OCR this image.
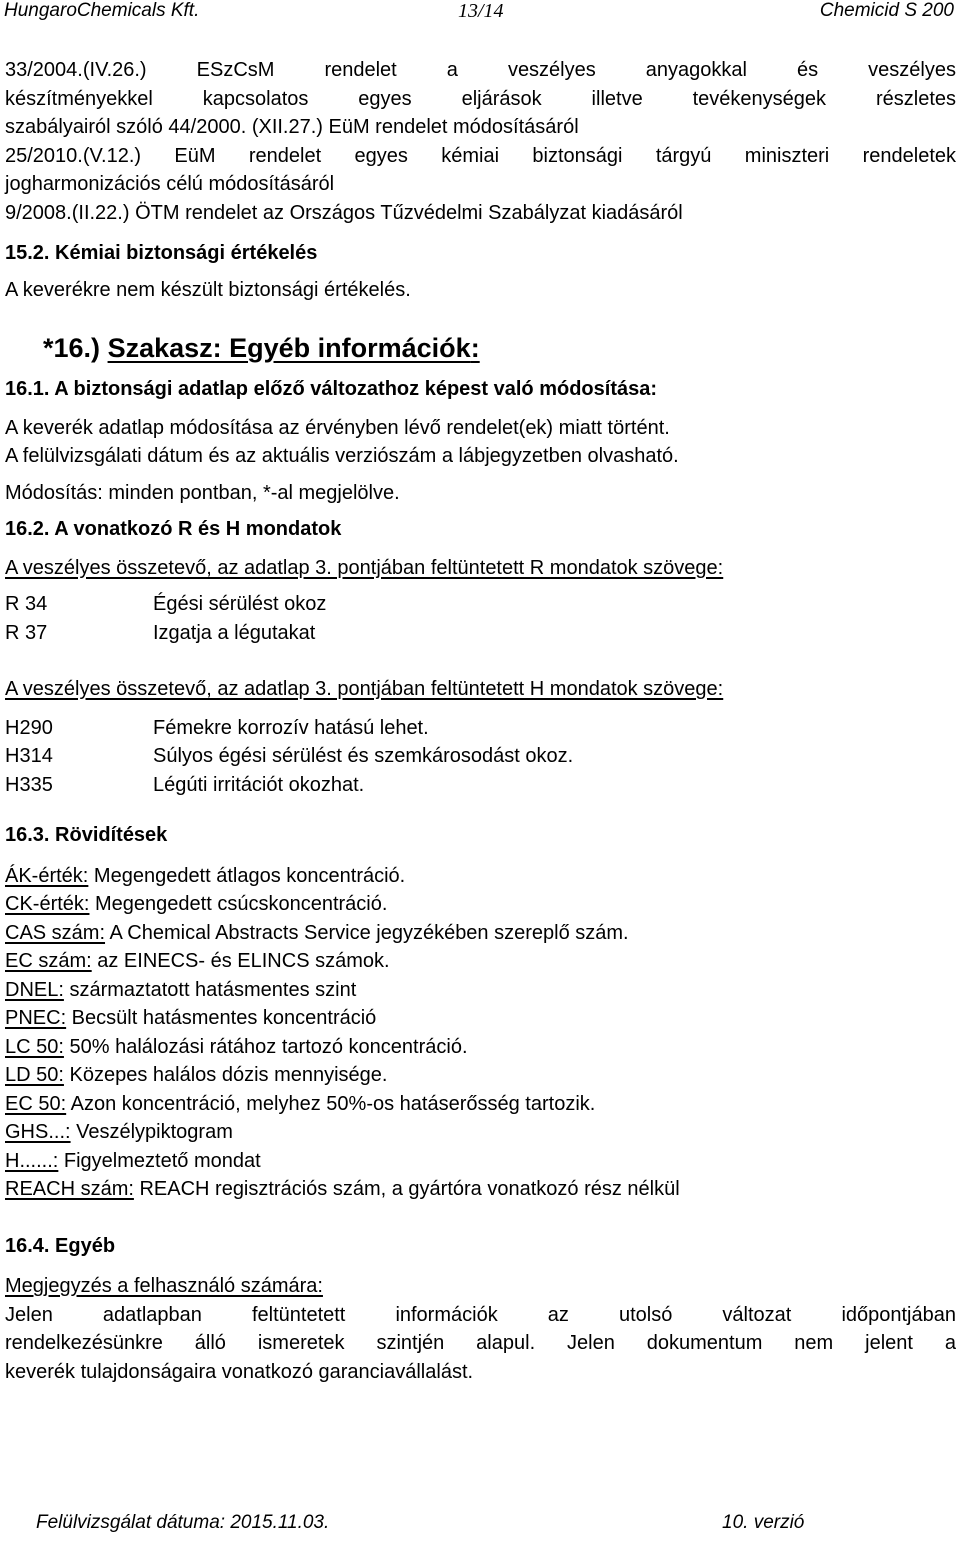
HungaroChemicals Kft.	13/14	Chemicid S 200

33/2004.(IV.26.) ESzCsM rendelet a veszélyes anyagokkal és veszélyes

készítményekkel kapcsolatos egyes eljárások illetve tevékenységek részletes

szabályairól szóló 44/2000. (XII.27.) EüM rendelet módosításáról

25/2010.(V.12.) EüM rendelet egyes kémiai biztonsági tárgyú miniszteri rendeletek

jogharmonizációs célú módosításáról

9/2008.(II.22.) ÖTM rendelet az Országos Tűzvédelmi Szabályzat kiadásáról

15.2. Kémiai biztonsági értékelés

A keverékre nem készült biztonsági értékelés.

*16.) Szakasz: Egyéb információk:

16.1. A biztonsági adatlap előző változathoz képest való módosítása:

A keverék adatlap módosítása az érvényben lévő rendelet(ek) miatt történt.

A felülvizsgálati dátum és az aktuális verziószám a lábjegyzetben olvasható.

Módosítás: minden pontban, *-al megjelölve.

16.2. A vonatkozó R és H mondatok

A veszélyes összetevő, az adatlap 3. pontjában feltüntetett R mondatok szövege:

R 34	Égési sérülést okoz
R 37	Izgatja a légutakat

A veszélyes összetevő, az adatlap 3. pontjában feltüntetett H mondatok szövege:

H290	Fémekre korrozív hatású lehet.
H314	Súlyos égési sérülést és szemkárosodást okoz.
H335	Légúti irritációt okozhat.

16.3. Rövidítések

ÁK-érték: Megengedett átlagos koncentráció.

CK-érték: Megengedett csúcskoncentráció.

CAS szám: A Chemical Abstracts Service jegyzékében szereplő szám.

EC szám: az EINECS- és ELINCS számok.

DNEL: származtatott hatásmentes szint

PNEC: Becsült hatásmentes koncentráció

LC 50: 50% halálozási rátához tartozó koncentráció.

LD 50: Közepes halálos dózis mennyisége.

EC 50: Azon koncentráció, melyhez 50%-os hatáserősség tartozik.

GHS...: Veszélypiktogram

H......: Figyelmeztető mondat

REACH szám: REACH regisztrációs szám, a gyártóra vonatkozó rész nélkül

16.4. Egyéb

Megjegyzés a felhasználó számára:

Jelen adatlapban feltüntetett információk az utolsó változat időpontjában

rendelkezésünkre álló ismeretek szintjén alapul. Jelen dokumentum nem jelent a

keverék tulajdonságaira vonatkozó garanciavállalást.

Felülvizsgálat dátuma: 2015.11.03.	10. verzió
